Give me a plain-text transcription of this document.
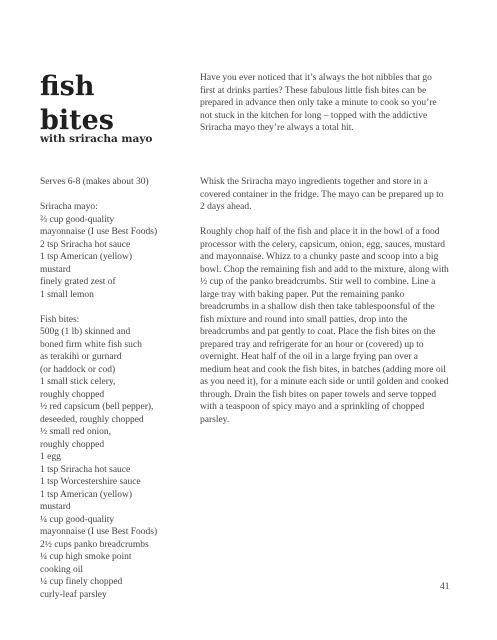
fish
bites
with sriracha mayo

Have you ever noticed that it’s always the hot nibbles that go first at drinks parties? These fabulous little fish bites can be prepared in advance then only take a minute to cook so you’re not stuck in the kitchen for long – topped with the addictive Sriracha mayo they’re always a total hit.

Serves 6-8 (makes about 30)
Sriracha mayo:
⅔ cup good-quality
mayonnaise (I use Best Foods)
2 tsp Sriracha hot sauce
1 tsp American (yellow)
mustard
finely grated zest of
1 small lemon
Fish bites:
500g (1 lb) skinned and
boned firm white fish such
as terakihi or gurnard
(or haddock or cod)
1 small stick celery,
roughly chopped
½ red capsicum (bell pepper),
deseeded, roughly chopped
½ small red onion,
roughly chopped
1 egg
1 tsp Sriracha hot sauce
1 tsp Worcestershire sauce
1 tsp American (yellow)
mustard
¼ cup good-quality
mayonnaise (I use Best Foods)
2½ cups panko breadcrumbs
¼ cup high smoke point
cooking oil
¼ cup finely chopped
curly-leaf parsley

Whisk the Sriracha mayo ingredients together and store in a covered container in the fridge. The mayo can be prepared up to 2 days ahead.

Roughly chop half of the fish and place it in the bowl of a food processor with the celery, capsicum, onion, egg, sauces, mustard and mayonnaise. Whizz to a chunky paste and scoop into a big bowl. Chop the remaining fish and add to the mixture, along with ½ cup of the panko breadcrumbs. Stir well to combine. Line a large tray with baking paper. Put the remaining panko breadcrumbs in a shallow dish then take tablespoonsful of the fish mixture and round into small patties, drop into the breadcrumbs and pat gently to coat. Place the fish bites on the prepared tray and refrigerate for an hour or (covered) up to overnight. Heat half of the oil in a large frying pan over a medium heat and cook the fish bites, in batches (adding more oil as you need it), for a minute each side or until golden and cooked through. Drain the fish bites on paper towels and serve topped with a teaspoon of spicy mayo and a sprinkling of chopped parsley.

41
